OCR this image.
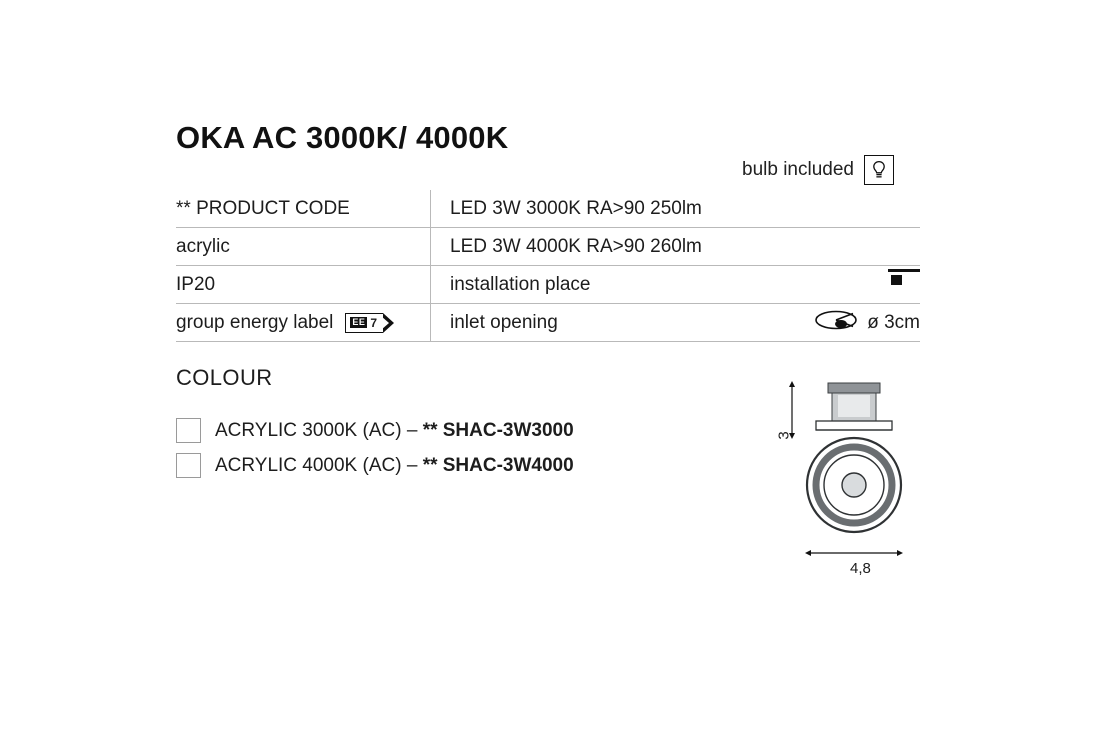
OKA AC 3000K/ 4000K
bulb included
** PRODUCT CODE	LED 3W 3000K RA>90 250lm
acrylic	LED 3W 4000K RA>90 260lm
IP20	installation place
group energy label EE 7	inlet opening	ø 3cm
COLOUR
ACRYLIC 3000K (AC) – ** SHAC-3W3000
ACRYLIC 4000K (AC) – ** SHAC-3W4000
3
4,8
